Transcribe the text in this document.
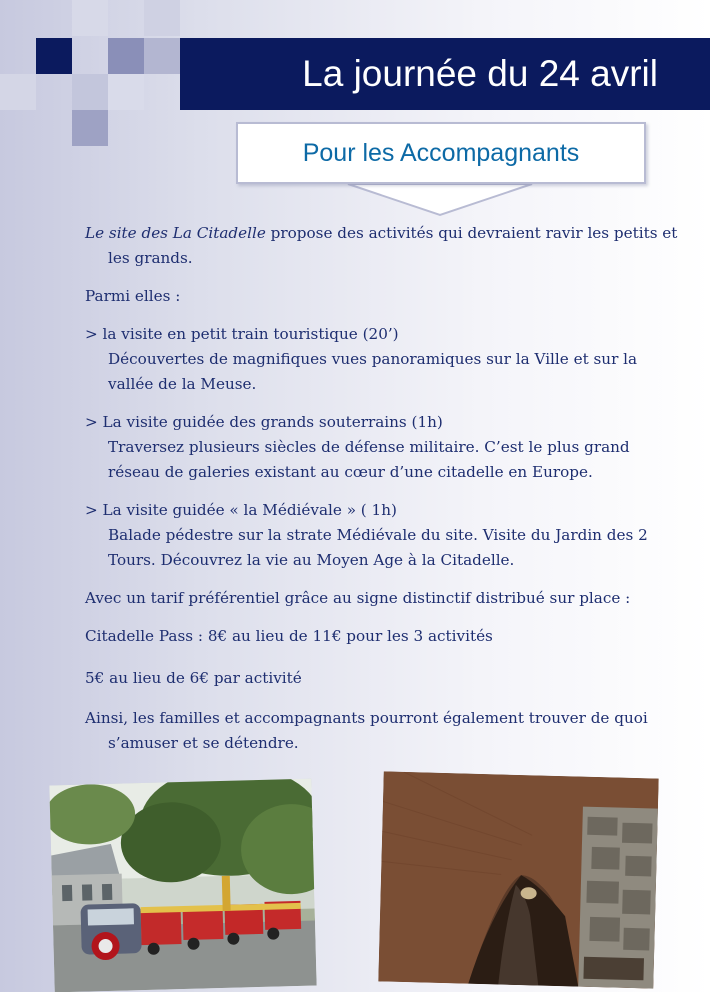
La journée du 24 avril
Pour les Accompagnants

Le site des La Citadelle propose des activités qui devraient ravir les petits et les grands.

Parmi elles :

> la visite en petit train touristique (20’)
Découvertes de magnifiques vues panoramiques sur la Ville et sur la vallée de la Meuse.

> La visite guidée des grands souterrains (1h)
Traversez plusieurs siècles de défense militaire. C’est le plus grand réseau de galeries existant au cœur d’une citadelle en Europe.

> La visite guidée « la Médiévale » ( 1h)
Balade pédestre sur la strate Médiévale du site. Visite du Jardin des 2 Tours. Découvrez la vie au Moyen Age à la Citadelle.

Avec un tarif préférentiel grâce au signe distinctif distribué sur place :

Citadelle Pass : 8€ au lieu de 11€ pour les 3 activités

5€ au lieu de 6€ par activité

Ainsi, les familles et accompagnants pourront également trouver de quoi s’amuser et se détendre.
